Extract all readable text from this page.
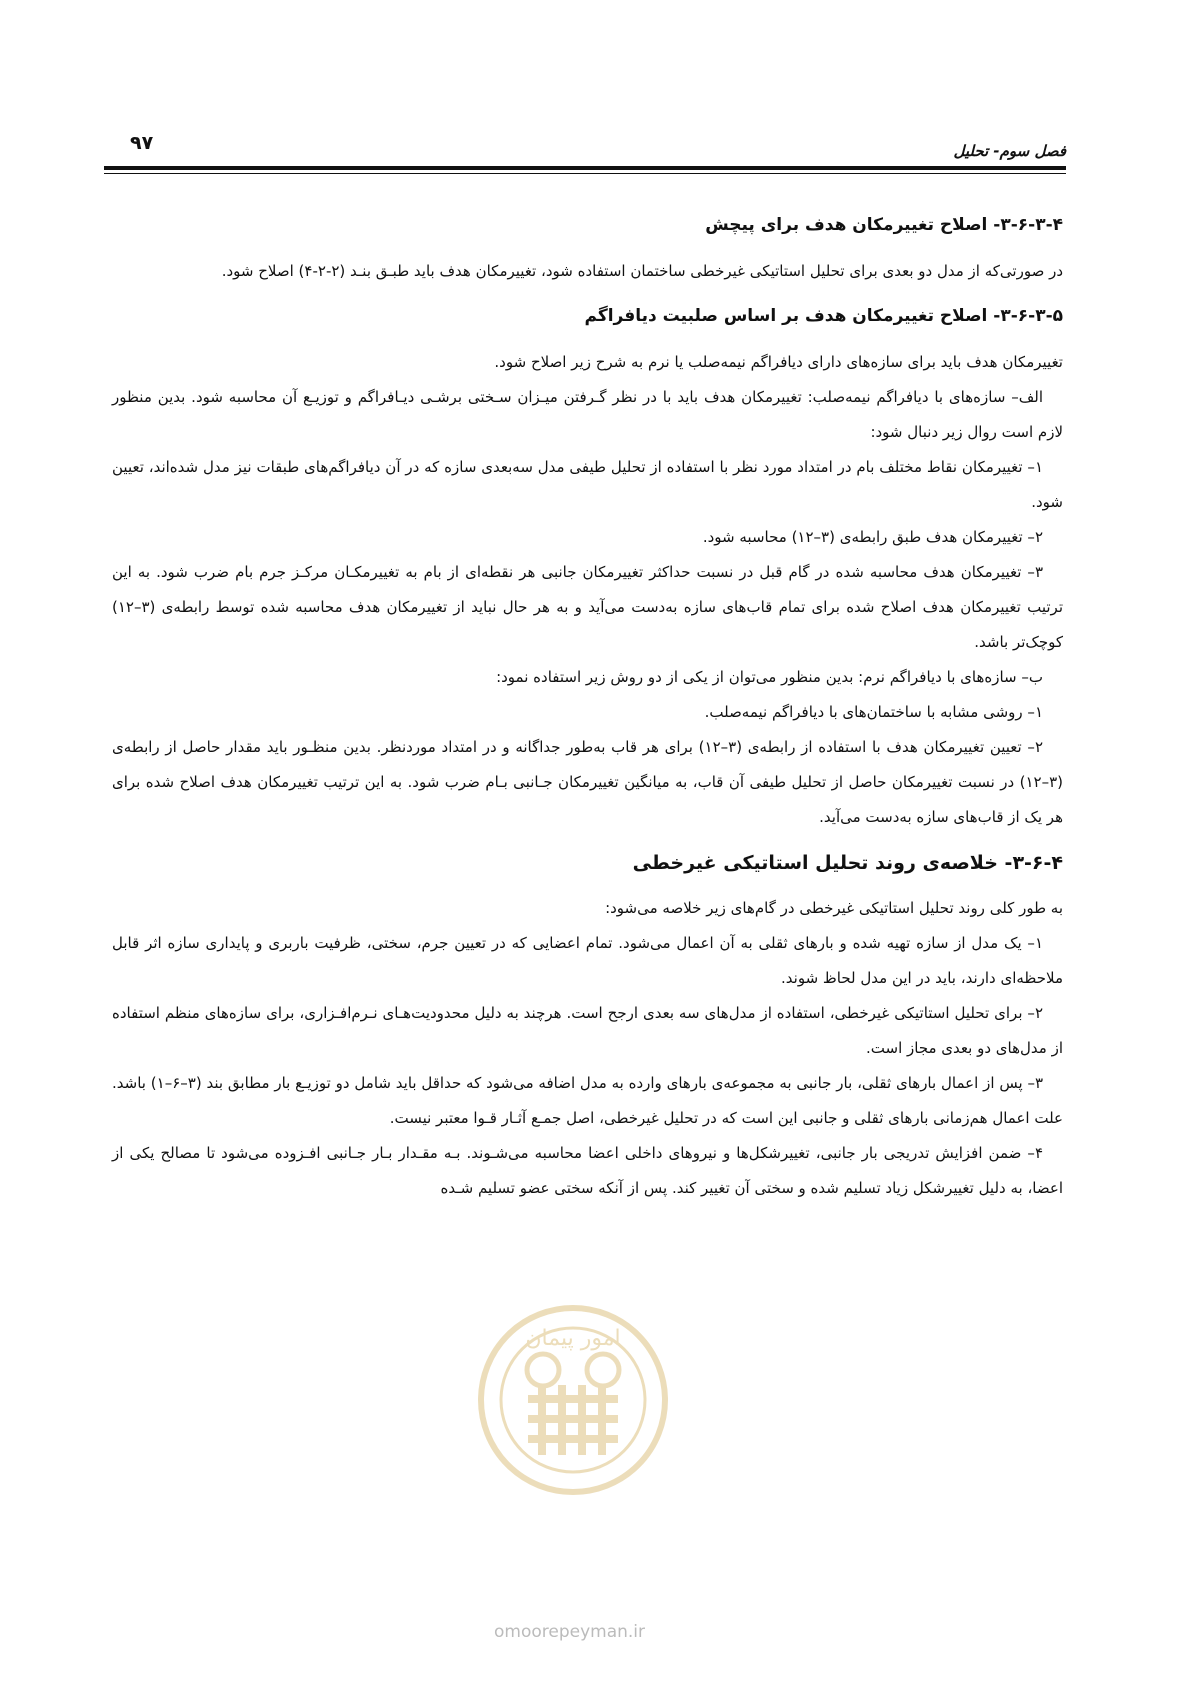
فصل سوم- تحلیل
۹۷
۳-۶-۳-۴- اصلاح تغییرمکان هدف برای پیچش

در صورتی‌که از مدل دو بعدی برای تحلیل استاتیکی غیرخطی ساختمان استفاده شود، تغییرمکان هدف باید طبـق بنـد (۲-۲-۴) اصلاح شود.

۳-۶-۳-۵- اصلاح تغییرمکان هدف بر اساس صلبیت دیافراگم

تغییرمکان هدف باید برای سازه‌های دارای دیافراگم نیمه‌صلب یا نرم به شرح زیر اصلاح شود.

الف– سازه‌های با دیافراگم نیمه‌صلب: تغییرمکان هدف باید با در نظر گـرفتن میـزان سـختی برشـی دیـافراگم و توزیـع آن محاسبه شود. بدین منظور لازم است روال زیر دنبال شود:

۱– تغییرمکان نقاط مختلف بام در امتداد مورد نظر با استفاده از تحلیل طیفی مدل سه‌بعدی سازه که در آن دیافراگم‌های طبقات نیز مدل شده‌اند، تعیین شود.

۲– تغییرمکان هدف طبق رابطه‌ی (۳–۱۲) محاسبه شود.

۳– تغییرمکان هدف محاسبه شده در گام قبل در نسبت حداکثر تغییرمکان جانبی هر نقطه‌ای از بام به تغییرمکـان مرکـز جرم بام ضرب شود. به این ترتیب تغییرمکان هدف اصلاح شده برای تمام قاب‌های سازه به‌دست می‌آید و به هر حال نباید از تغییرمکان هدف محاسبه شده توسط رابطه‌ی (۳–۱۲) کوچک‌تر باشد.

ب– سازه‌های با دیافراگم نرم: بدین منظور می‌توان از یکی از دو روش زیر استفاده نمود:

۱– روشی مشابه با ساختمان‌های با دیافراگم نیمه‌صلب.

۲– تعیین تغییرمکان هدف با استفاده از رابطه‌ی (۳–۱۲) برای هر قاب به‌طور جداگانه و در امتداد موردنظر. بدین منظـور باید مقدار حاصل از رابطه‌ی (۳–۱۲) در نسبت تغییرمکان حاصل از تحلیل طیفی آن قاب، به میانگین تغییرمکان جـانبی بـام ضرب شود. به این ترتیب تغییرمکان هدف اصلاح شده برای هر یک از قاب‌های سازه به‌دست می‌آید.

۳-۶-۴- خلاصه‌ی روند تحلیل استاتیکی غیرخطی

به طور کلی روند تحلیل استاتیکی غیرخطی در گام‌های زیر خلاصه می‌شود:

۱– یک مدل از سازه تهیه شده و بارهای ثقلی به آن اعمال می‌شود. تمام اعضایی که در تعیین جرم، سختی، ظرفیت باربری و پایداری سازه اثر قابل ملاحظه‌ای دارند، باید در این مدل لحاظ شوند.

۲– برای تحلیل استاتیکی غیرخطی، استفاده از مدل‌های سه بعدی ارجح است. هرچند به دلیل محدودیت‌هـای نـرم‌افـزاری، برای سازه‌های منظم استفاده از مدل‌های دو بعدی مجاز است.

۳– پس از اعمال بارهای ثقلی، بار جانبی به مجموعه‌ی بارهای وارده به مدل اضافه می‌شود که حداقل باید شامل دو توزیـع بار مطابق بند (۳–۶–۱) باشد. علت اعمال هم‌زمانی بارهای ثقلی و جانبی این است که در تحلیل غیرخطی، اصل جمـع آثـار قـوا معتبر نیست.

۴– ضمن افزایش تدریجی بار جانبی، تغییرشکل‌ها و نیروهای داخلی اعضا محاسبه می‌شـوند. بـه مقـدار بـار جـانبی افـزوده می‌شود تا مصالح یکی از اعضا، به دلیل تغییرشکل زیاد تسلیم شده و سختی آن تغییر کند. پس از آنکه سختی عضو تسلیم شـده

امور پیمان
omoorepeyman.ir
